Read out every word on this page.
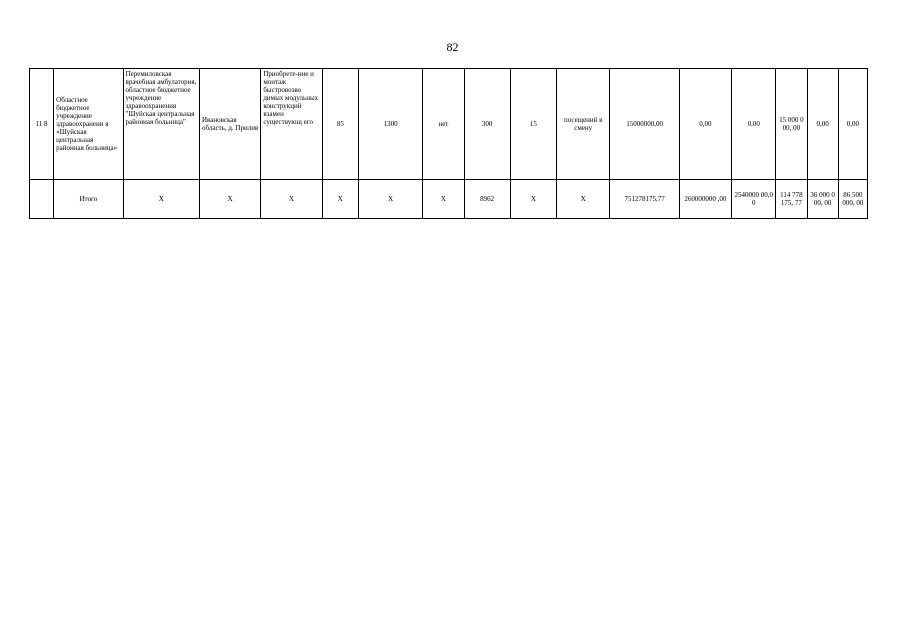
82
11 8	Областное бюджетное учреждение здравоохранени я «Шуйская центральная районная больница»	Перемиловская врачебная амбулатория, областное бюджетное учреждение здравоохранения "Шуйская центральная районная больница"	Ивановская область, д. Прилив	Приобрете-ние и монтаж быстровозво димых модульных конструкций взамен существующ его	85	1300	нет	300	15	посещений в смену	15000000,00	0,00	0,00	15 000 000, 00	0,00	0,00
	Итого	Х	Х	Х	Х	Х	Х	8962	Х	Х	751278175,77	260000000 ,00	2540000 00,00	114 778 175, 77	36 000 000, 00	86 500 000, 00
